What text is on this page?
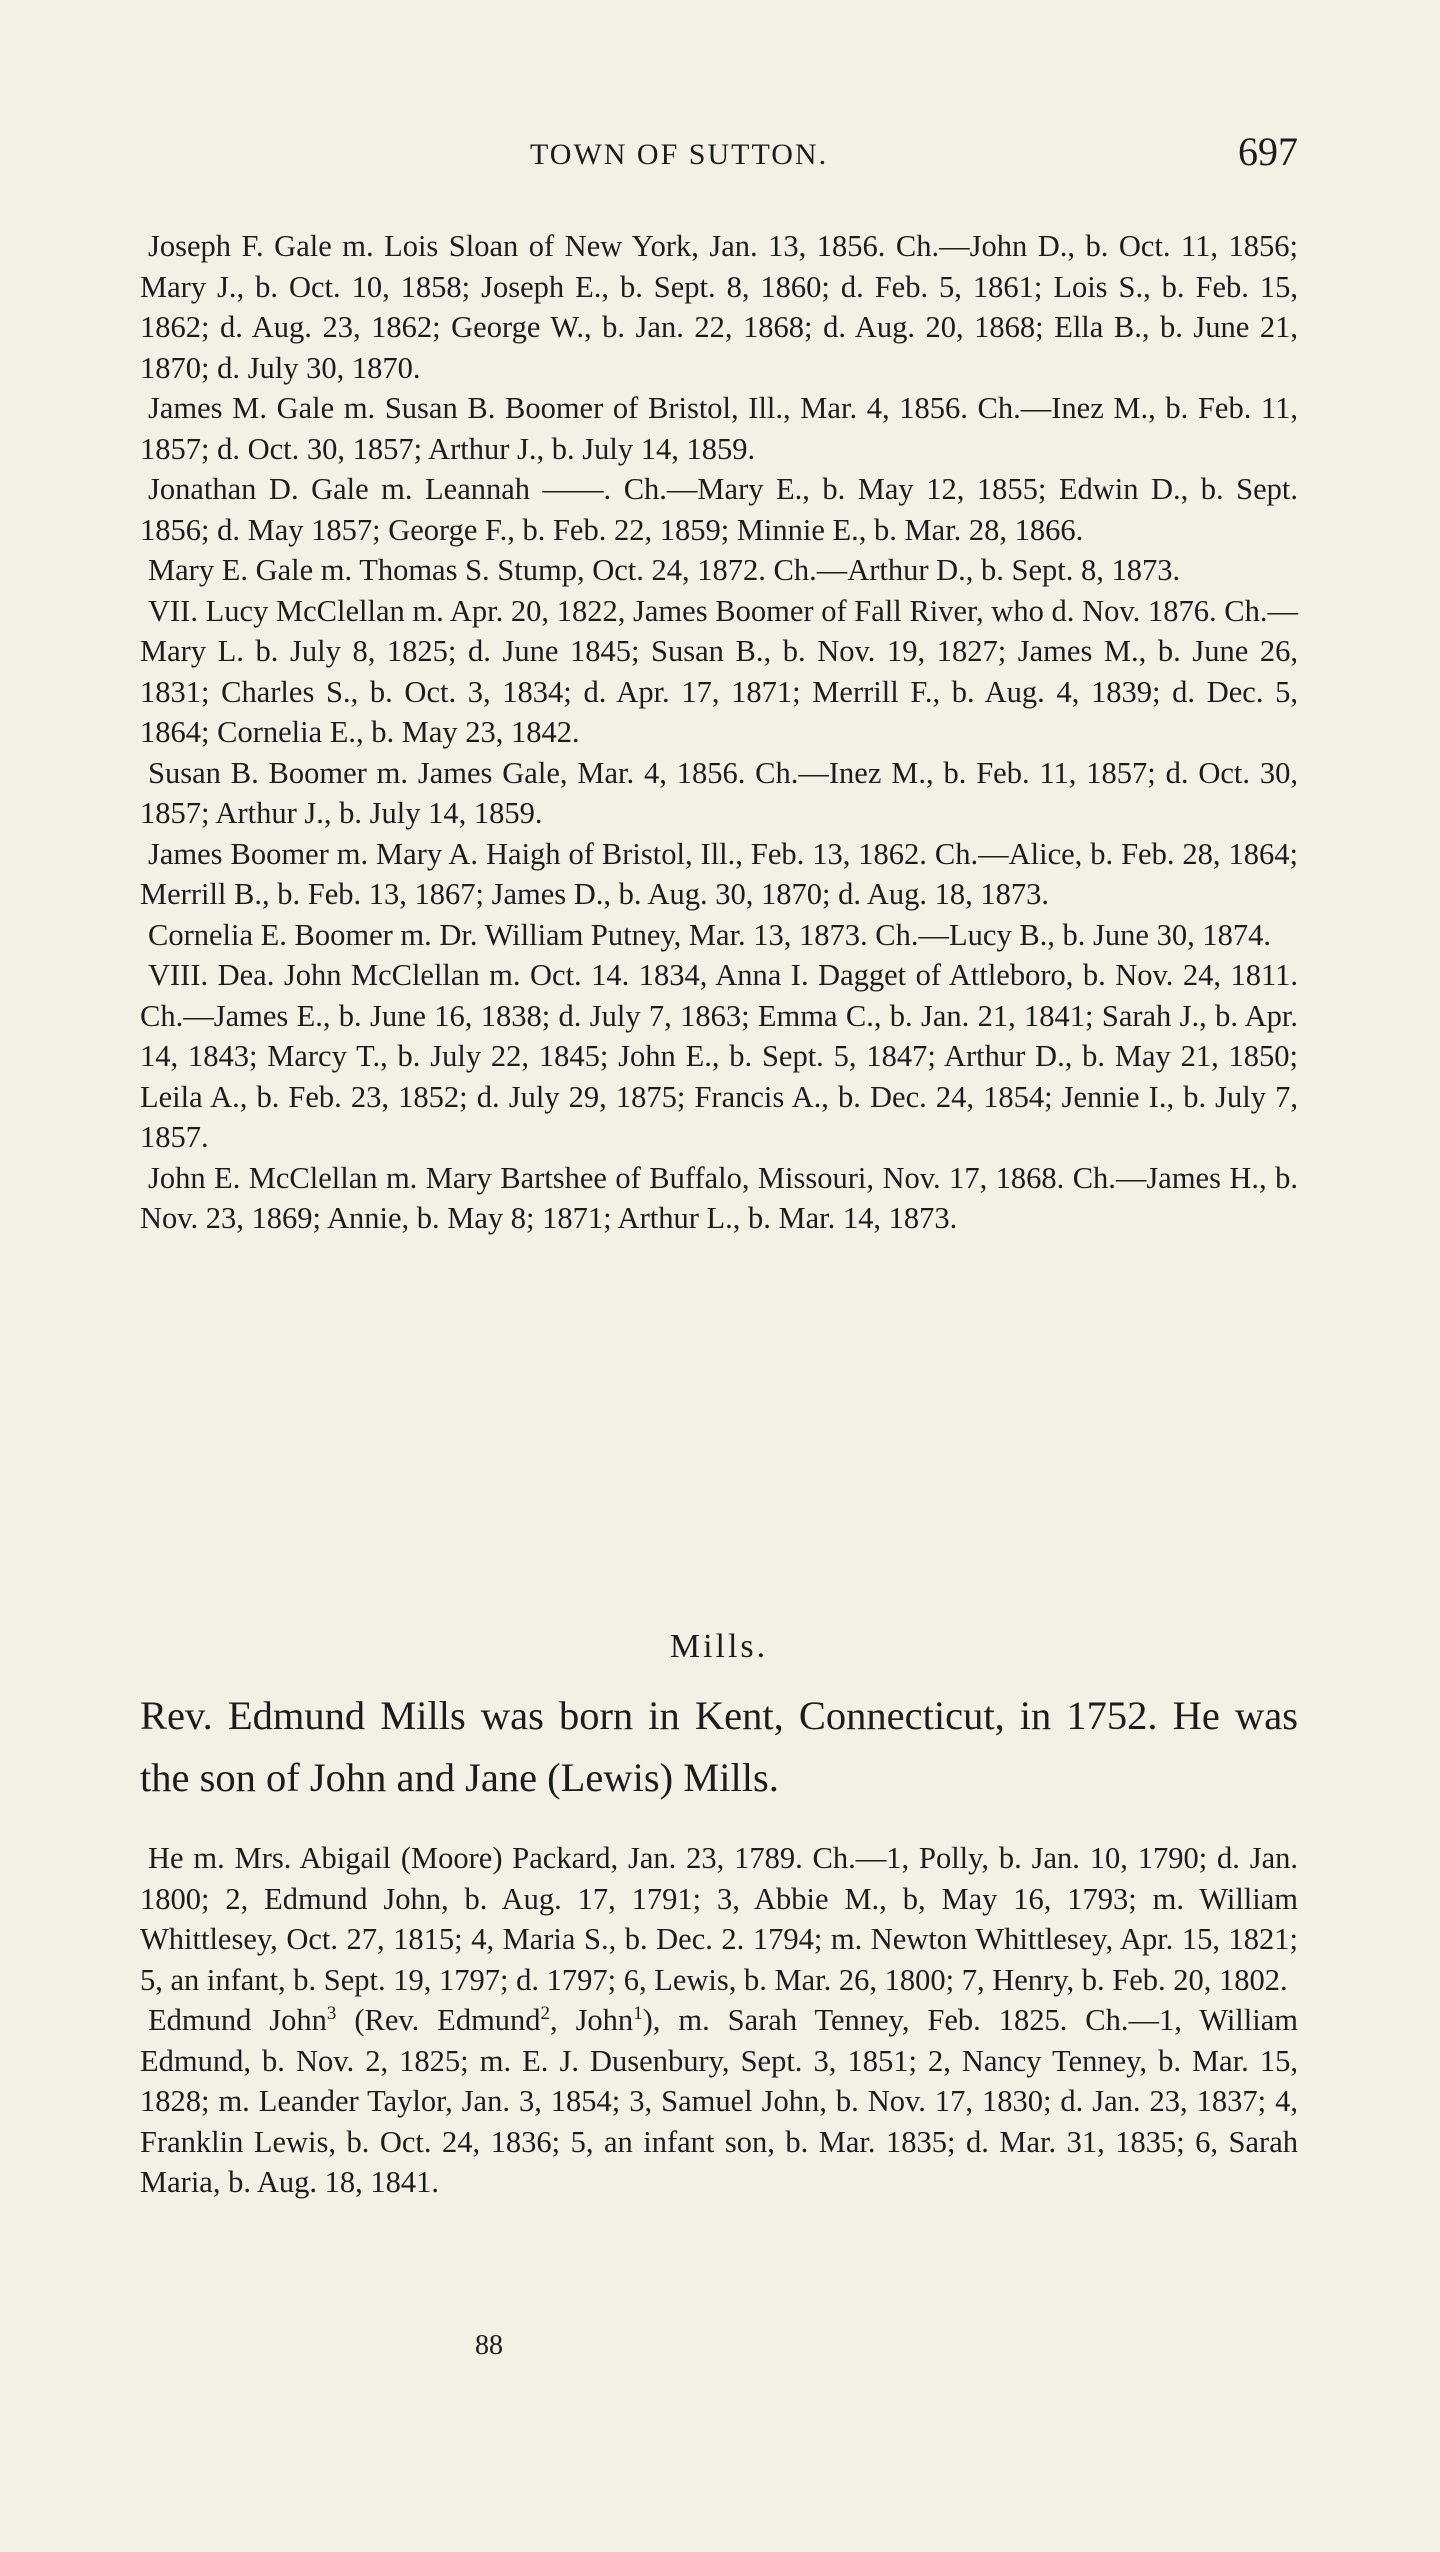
TOWN OF SUTTON.	697

Joseph F. Gale m. Lois Sloan of New York, Jan. 13, 1856. Ch.—John D., b. Oct. 11, 1856; Mary J., b. Oct. 10, 1858; Joseph E., b. Sept. 8, 1860; d. Feb. 5, 1861; Lois S., b. Feb. 15, 1862; d. Aug. 23, 1862; George W., b. Jan. 22, 1868; d. Aug. 20, 1868; Ella B., b. June 21, 1870; d. July 30, 1870.

James M. Gale m. Susan B. Boomer of Bristol, Ill., Mar. 4, 1856. Ch.—Inez M., b. Feb. 11, 1857; d. Oct. 30, 1857; Arthur J., b. July 14, 1859.

Jonathan D. Gale m. Leannah ——. Ch.—Mary E., b. May 12, 1855; Edwin D., b. Sept. 1856; d. May 1857; George F., b. Feb. 22, 1859; Minnie E., b. Mar. 28, 1866.

Mary E. Gale m. Thomas S. Stump, Oct. 24, 1872. Ch.—Arthur D., b. Sept. 8, 1873.

VII. Lucy McClellan m. Apr. 20, 1822, James Boomer of Fall River, who d. Nov. 1876. Ch.—Mary L. b. July 8, 1825; d. June 1845; Susan B., b. Nov. 19, 1827; James M., b. June 26, 1831; Charles S., b. Oct. 3, 1834; d. Apr. 17, 1871; Merrill F., b. Aug. 4, 1839; d. Dec. 5, 1864; Cornelia E., b. May 23, 1842.

Susan B. Boomer m. James Gale, Mar. 4, 1856. Ch.—Inez M., b. Feb. 11, 1857; d. Oct. 30, 1857; Arthur J., b. July 14, 1859.

James Boomer m. Mary A. Haigh of Bristol, Ill., Feb. 13, 1862. Ch.—Alice, b. Feb. 28, 1864; Merrill B., b. Feb. 13, 1867; James D., b. Aug. 30, 1870; d. Aug. 18, 1873.

Cornelia E. Boomer m. Dr. William Putney, Mar. 13, 1873. Ch.—Lucy B., b. June 30, 1874.

VIII. Dea. John McClellan m. Oct. 14. 1834, Anna I. Dagget of Attleboro, b. Nov. 24, 1811. Ch.—James E., b. June 16, 1838; d. July 7, 1863; Emma C., b. Jan. 21, 1841; Sarah J., b. Apr. 14, 1843; Marcy T., b. July 22, 1845; John E., b. Sept. 5, 1847; Arthur D., b. May 21, 1850; Leila A., b. Feb. 23, 1852; d. July 29, 1875; Francis A., b. Dec. 24, 1854; Jennie I., b. July 7, 1857.

John E. McClellan m. Mary Bartshee of Buffalo, Missouri, Nov. 17, 1868. Ch.—James H., b. Nov. 23, 1869; Annie, b. May 8; 1871; Arthur L., b. Mar. 14, 1873.

Mills.

Rev. Edmund Mills was born in Kent, Connecticut, in 1752. He was the son of John and Jane (Lewis) Mills.

He m. Mrs. Abigail (Moore) Packard, Jan. 23, 1789. Ch.—1, Polly, b. Jan. 10, 1790; d. Jan. 1800; 2, Edmund John, b. Aug. 17, 1791; 3, Abbie M., b, May 16, 1793; m. William Whittlesey, Oct. 27, 1815; 4, Maria S., b. Dec. 2. 1794; m. Newton Whittlesey, Apr. 15, 1821; 5, an infant, b. Sept. 19, 1797; d. 1797; 6, Lewis, b. Mar. 26, 1800; 7, Henry, b. Feb. 20, 1802.

Edmund John$^3$ (Rev. Edmund$^2$, John$^1$), m. Sarah Tenney, Feb. 1825. Ch.—1, William Edmund, b. Nov. 2, 1825; m. E. J. Dusenbury, Sept. 3, 1851; 2, Nancy Tenney, b. Mar. 15, 1828; m. Leander Taylor, Jan. 3, 1854; 3, Samuel John, b. Nov. 17, 1830; d. Jan. 23, 1837; 4, Franklin Lewis, b. Oct. 24, 1836; 5, an infant son, b. Mar. 1835; d. Mar. 31, 1835; 6, Sarah Maria, b. Aug. 18, 1841.

88
